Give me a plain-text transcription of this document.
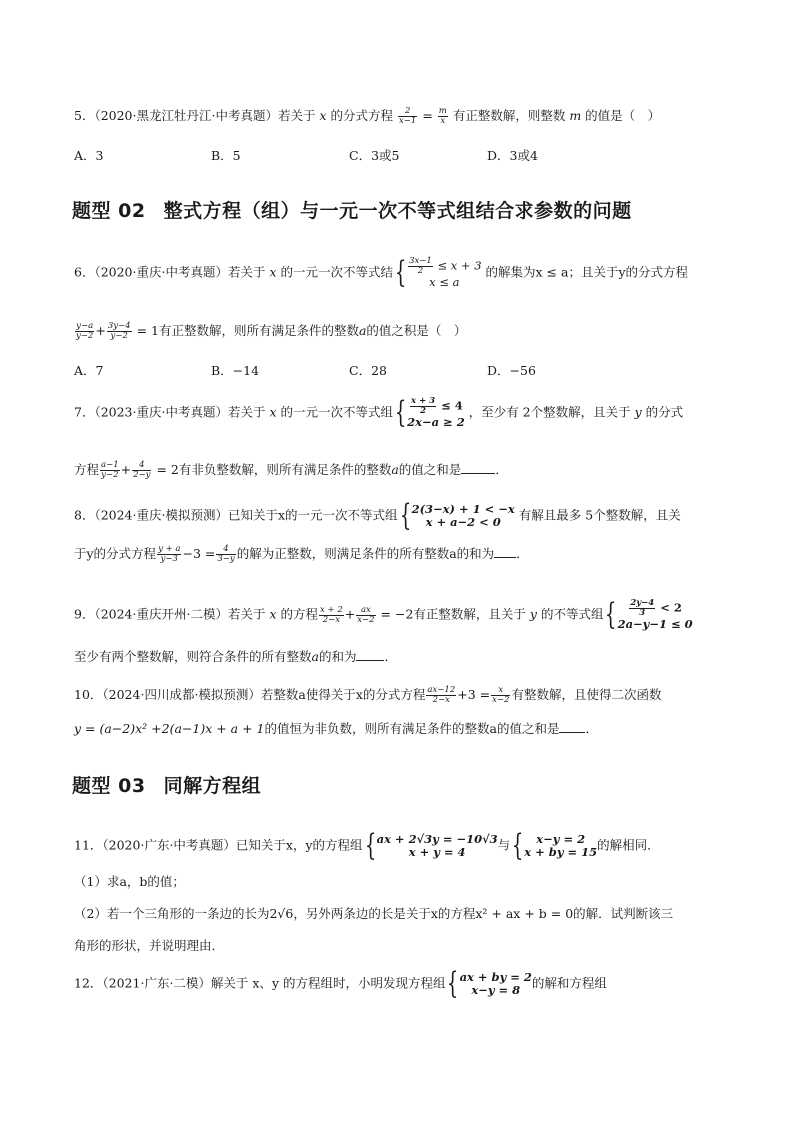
5．（2020·黑龙江牡丹江·中考真题）若关于 x 的分式方程 $\frac{2}{x-1} = \frac{m}{x}$ 有正整数解，则整数 m 的值是（　）
A．3	B．5	C．3或5	D．3或4
题型 02 整式方程（组）与一元一次不等式组结合求参数的问题
6．（2020·重庆·中考真题）若关于 x 的一元一次不等式结{ $\frac{3x-1}{2} \le x + 3$
x ≤ a
的解集为x ≤ a；且关于y的分式方程
$\frac{y-a}{y-2} + \frac{3y-4}{y-2} = 1$有正整数解，则所有满足条件的整数a的值之积是（　）
A．7	B．−14	C．28	D．−56
7．（2023·重庆·中考真题）若关于 x 的一元一次不等式组{ $\frac{x + 3}{2} \le 4$
2x−a ≥ 2
，至少有 2个整数解，且关于 y 的分式
方程 $\frac{a-1}{y-2} + \frac{4}{2-y} = 2$有非负整数解，则所有满足条件的整数a的值之和是	．
8．（2024·重庆·模拟预测）已知关于x的一元一次不等式组{ 2(3−x) + 1 < −x
x + a−2 < 0	有解且最多 5个整数解，且关
于y的分式方程 $\frac{y + a}{y-3} -3 = \frac{4}{3-y}$ 的解为正整数，则满足条件的所有整数a的和为 ．
9．（2024·重庆开州·二模）若关于 x 的方程 $\frac{x + 2}{2-x} + \frac{ax}{x-2} = -2$有正整数解，且关于 y 的不等式组{ $\frac{2y-4}{3} < 2$
2a−y−1 ≤ 0
至少有两个整数解，则符合条件的所有整数a的和为 ．
10．（2024·四川成都·模拟预测）若整数a使得关于x的分式方程 $\frac{ax-12}{2-x} +3 = \frac{x}{x-2}$ 有整数解，且使得二次函数
y = (a−2)x² +2(a−1)x + a + 1的值恒为非负数，则所有满足条件的整数a的值之和是 ．
题型 03 同解方程组
11．（2020·广东·中考真题）已知关于x，y的方程组{ ax + 2√3y = −10√3
x + y = 4	与{	x−y = 2
x + by = 15 的解相同．
（1）求a，b的值；
（2）若一个三角形的一条边的长为2√6，另外两条边的长是关于x的方程x² + ax + b = 0的解．试判断该三
角形的形状，并说明理由．
12．（2021·广东·二模）解关于 x、y 的方程组时，小明发现方程组{ ax + by = 2
x−y = 8 的解和方程组
